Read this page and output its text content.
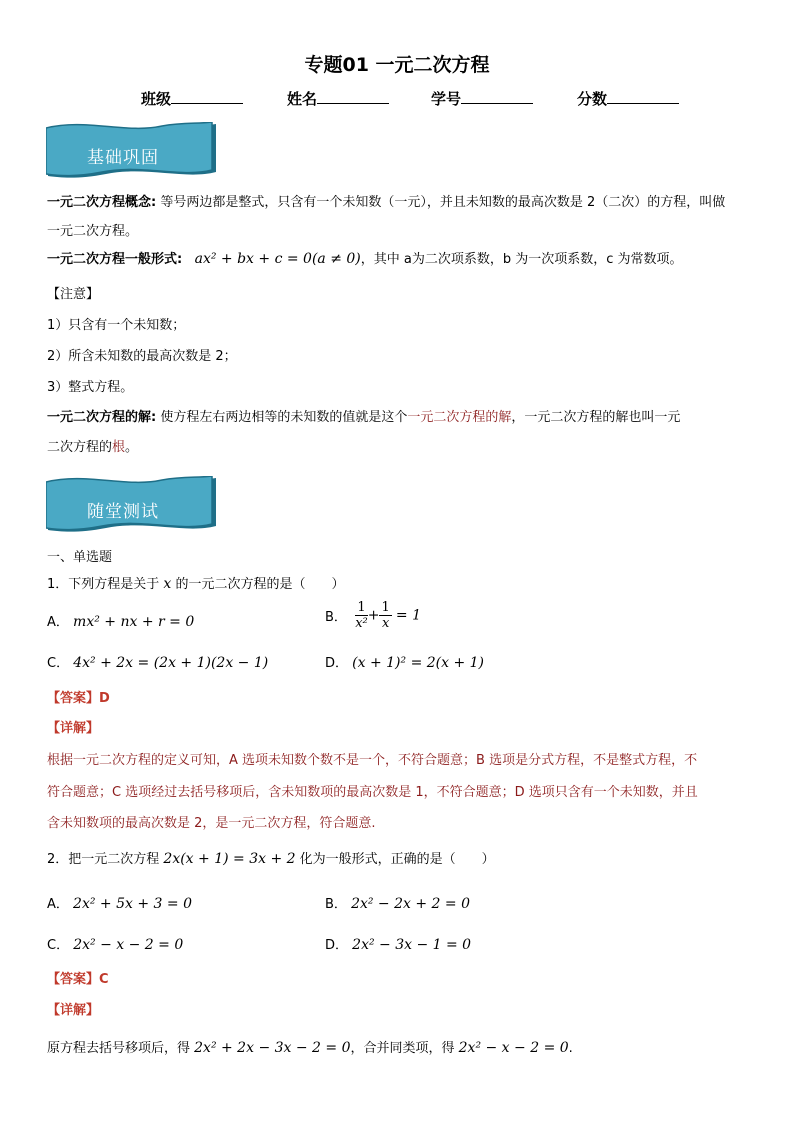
专题01 一元二次方程
班级	姓名	学号	分数
基础巩固
一元二次方程概念: 等号两边都是整式，只含有一个未知数（一元），并且未知数的最高次数是 2（二次）的方程，叫做
一元二次方程。
一元二次方程一般形式: ax² + bx + c = 0(a ≠ 0)，其中 a为二次项系数，b 为一次项系数，c 为常数项。
【注意】
1）只含有一个未知数；
2）所含未知数的最高次数是 2；
3）整式方程。
一元二次方程的解: 使方程左右两边相等的未知数的值就是这个一元二次方程的解，一元二次方程的解也叫一元
二次方程的根。
随堂测试
一、单选题
1．下列方程是关于 x 的一元二次方程的是（　　）
A． mx² + nx + r = 0	B． $\frac{1}{\text{x²}} + \frac{1}{x} = 1$
C． 4x² + 2x = (2x + 1)(2x − 1)	D． (x + 1)² = 2(x + 1)
【答案】D
【详解】
根据一元二次方程的定义可知，A 选项未知数个数不是一个，不符合题意；B 选项是分式方程，不是整式方程，不
符合题意；C 选项经过去括号移项后，含未知数项的最高次数是 1，不符合题意；D 选项只含有一个未知数，并且
含未知数项的最高次数是 2，是一元二次方程，符合题意.
2．把一元二次方程 2x(x + 1) = 3x + 2 化为一般形式，正确的是（　　）
A． 2x² + 5x + 3 = 0	B． 2x² − 2x + 2 = 0
C． 2x² − x − 2 = 0	D． 2x² − 3x − 1 = 0
【答案】C
【详解】
原方程去括号移项后，得 2x² + 2x − 3x − 2 = 0，合并同类项，得 2x² − x − 2 = 0.
